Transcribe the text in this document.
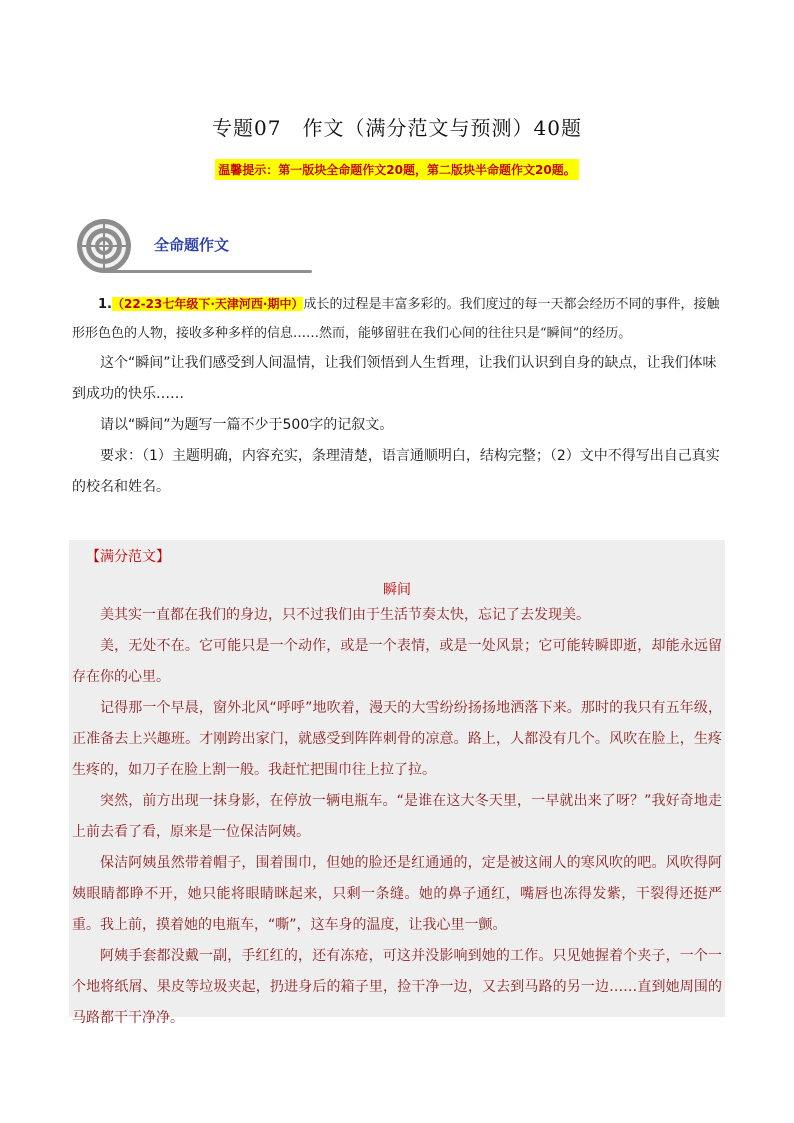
专题07　作文（满分范文与预测）40题
温馨提示：第一版块全命题作文20题，第二版块半命题作文20题。
全命题作文

1.（22-23七年级下·天津河西·期中）成长的过程是丰富多彩的。我们度过的每一天都会经历不同的事件，接触形形色色的人物，接收多种多样的信息……然而，能够留驻在我们心间的往往只是“瞬间”的经历。

这个“瞬间”让我们感受到人间温情，让我们领悟到人生哲理，让我们认识到自身的缺点，让我们体味到成功的快乐……

请以“瞬间”为题写一篇不少于500字的记叙文。

要求：（1）主题明确，内容充实，条理清楚，语言通顺明白，结构完整；（2）文中不得写出自己真实的校名和姓名。

【满分范文】
瞬间

美其实一直都在我们的身边，只不过我们由于生活节奏太快，忘记了去发现美。

美，无处不在。它可能只是一个动作，或是一个表情，或是一处风景；它可能转瞬即逝，却能永远留存在你的心里。

记得那一个早晨，窗外北风“呼呼”地吹着，漫天的大雪纷纷扬扬地洒落下来。那时的我只有五年级，正准备去上兴趣班。才刚跨出家门，就感受到阵阵刺骨的凉意。路上，人都没有几个。风吹在脸上，生疼生疼的，如刀子在脸上割一般。我赶忙把围巾往上拉了拉。

突然，前方出现一抹身影，在停放一辆电瓶车。“是谁在这大冬天里，一早就出来了呀？”我好奇地走上前去看了看，原来是一位保洁阿姨。

保洁阿姨虽然带着帽子，围着围巾，但她的脸还是红通通的，定是被这闹人的寒风吹的吧。风吹得阿姨眼睛都睁不开，她只能将眼睛眯起来，只剩一条缝。她的鼻子通红，嘴唇也冻得发紫，干裂得还挺严重。我上前，摸着她的电瓶车，“嘶”，这车身的温度，让我心里一颤。

阿姨手套都没戴一副，手红红的，还有冻疮，可这并没影响到她的工作。只见她握着个夹子，一个一个地将纸屑、果皮等垃圾夹起，扔进身后的箱子里，捡干净一边，又去到马路的另一边……直到她周围的马路都干干净净。
